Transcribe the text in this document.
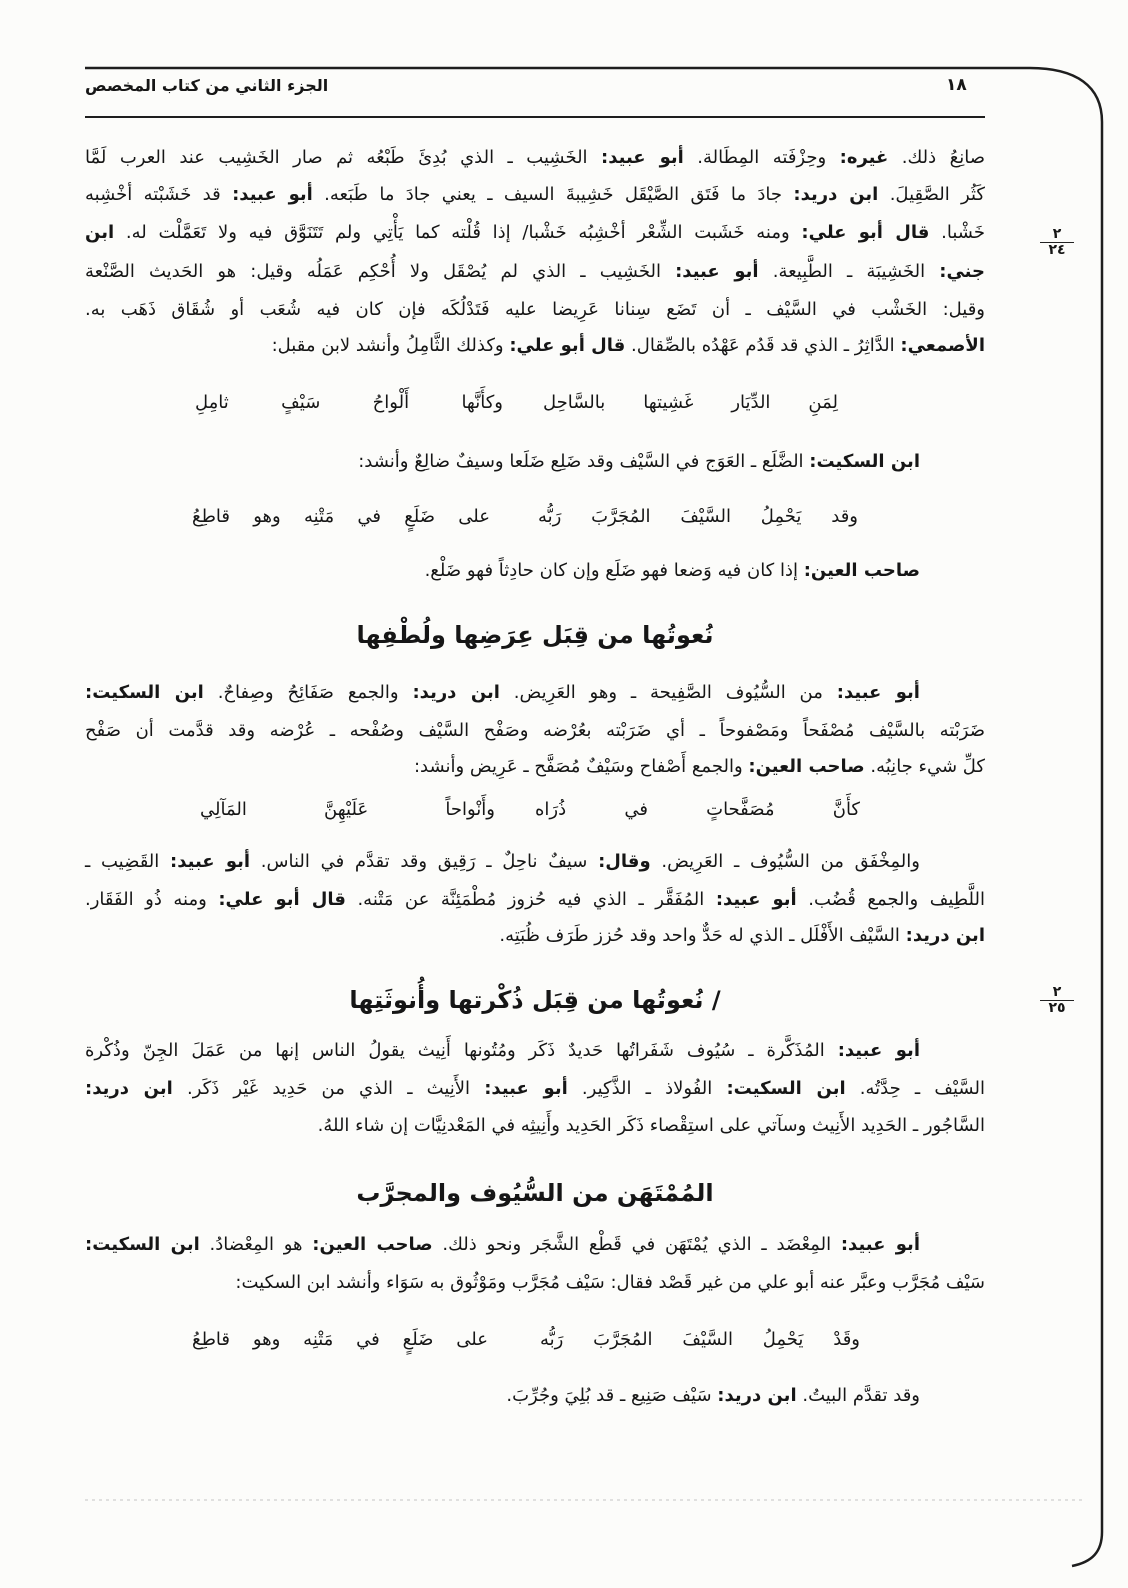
الجزء الثاني من كتاب المخصص	١٨
٢
٢٤
٢
٢٥
صانِعُ ذلك. غيره: وحِزْفَته المِطَالة. أبو عبيد: الخَشِيب ـ الذي بُدِئَ طَبْعُه ثم صار الخَشِيب عند العرب لَمَّا
كَثُر الصَّقِيلَ. ابن دريد: جادَ ما فَتَق الصَّيْقَل خَشِيبةَ السيف ـ يعني جادَ ما طَبَعه. أبو عبيد: قد خَشَبْته أخْشِبه
خَشْبا. قال أبو علي: ومنه خَشَبت الشِّعْر أخْشِبُه خَشْبا/ إذا قُلْته كما يَأْتِي ولم تَتَنَوَّق فيه ولا تَعَمَّلْت له. ابن
جني: الخَشِيبَة ـ الطَّبِيعة. أبو عبيد: الخَشِيب ـ الذي لم يُصْقَل ولا أُحْكِم عَمَلُه وقيل: هو الحَديث الصَّنْعة
وقيل: الخَشْب في السَّيْف ـ أن تَضَع سِنانا عَرِيضا عليه فَتَدْلُكَه فإن كان فيه شُعَب أو شُقَاق ذَهَب به.
الأصمعي: الدَّاثِرُ ـ الذي قد قَدُم عَهْدُه بالصِّقال. قال أبو علي: وكذلك الثَّامِلُ وأنشد لابن مقبل:
لِمَنِ الدِّيَار غَشِيتها بالسَّاحِل
وكأَنَّها أَلْواحُ سَيْفٍ ثامِلِ
ابن السكيت: الضَّلَع ـ العَوَج في السَّيْف وقد ضَلِع ضَلَعا وسيفٌ ضالِعٌ وأنشد:
وقد يَحْمِلُ السَّيْفَ المُجَرَّبَ رَبُّه
على ضَلَعٍ في مَتْنِه وهو قاطِعُ
صاحب العين: إذا كان فيه وَضعا فهو ضَلَع وإن كان حادِثاً فهو ضَلْع.
نُعوتُها من قِبَل عِرَضِها ولُطْفِها
أبو عبيد: من السُّيُوف الصَّفِيحة ـ وهو العَرِيض. ابن دريد: والجمع صَفَائِحُ وصِفاحٌ. ابن السكيت:
ضَرَبْته بالسَّيْف مُصْفَحاً ومَصْفوحاً ـ أي ضَرَبْته بعُرْضه وصَفْح السَّيْف وصُفْحه ـ عُرْضه وقد قدَّمت أن صَفْح
كلِّ شيء جانِبُه. صاحب العين: والجمع أَصْفاح وسَيْفٌ مُصَفَّح ـ عَرِيض وأنشد:
كأَنَّ مُصَفَّحاتٍ في ذُرَاه
وأَنْواحاً عَلَيْهِنَّ المَآلِي
والمِخْفَق من السُّيُوف ـ العَرِيض. وقال: سيفٌ ناحِلٌ ـ رَقِيق وقد تقدَّم في الناس. أبو عبيد: القَضِيب ـ
اللَّطِيف والجمع قُضُب. أبو عبيد: المُفَقَّر ـ الذي فيه حُزوز مُطْمَئِنَّة عن مَتْنه. قال أبو علي: ومنه ذُو الفَقَار.
ابن دريد: السَّيْف الأَفْلَل ـ الذي له حَدٌّ واحد وقد حُزز طَرَف ظُبَتِه.
/ نُعوتُها من قِبَل ذُكْرتها وأُنوثَتِها
أبو عبيد: المُذَكَّرة ـ سُيُوف شَفَراتُها حَديدٌ ذَكَر ومُتُونها أَنِيث يقولُ الناس إنها من عَمَلَ الجِنّ وذُكْرة
السَّيْف ـ حِدَّتُه. ابن السكيت: الفُولاذ ـ الذَّكِير. أبو عبيد: الأَنِيث ـ الذي من حَدِيد غَيْر ذَكَر. ابن دريد:
السَّاجُور ـ الحَدِيد الأَنِيث وسآتي على استِقْصاء ذَكَر الحَدِيد وأَنِيثِه في المَعْدنِيَّات إن شاء اللهُ.
المُمْتَهَن من السُّيُوف والمجرَّب
أبو عبيد: المِعْضَد ـ الذي يُمْتَهَن في قَطْع الشَّجَر ونحو ذلك. صاحب العين: هو المِعْضادُ. ابن السكيت:
سَيْف مُجَرَّب وعبَّر عنه أبو علي من غير قَصْد فقال: سَيْف مُجَرَّب ومَوْثُوق به سَوَاء وأنشد ابن السكيت:
وقَدْ يَحْمِلُ السَّيْفَ المُجَرَّبَ رَبُّه
على ضَلَعٍ في مَتْنِه وهو قاطِعُ
وقد تقدَّم البيتُ. ابن دريد: سَيْف صَنِيع ـ قد بُلِيَ وجُرِّبَ.
